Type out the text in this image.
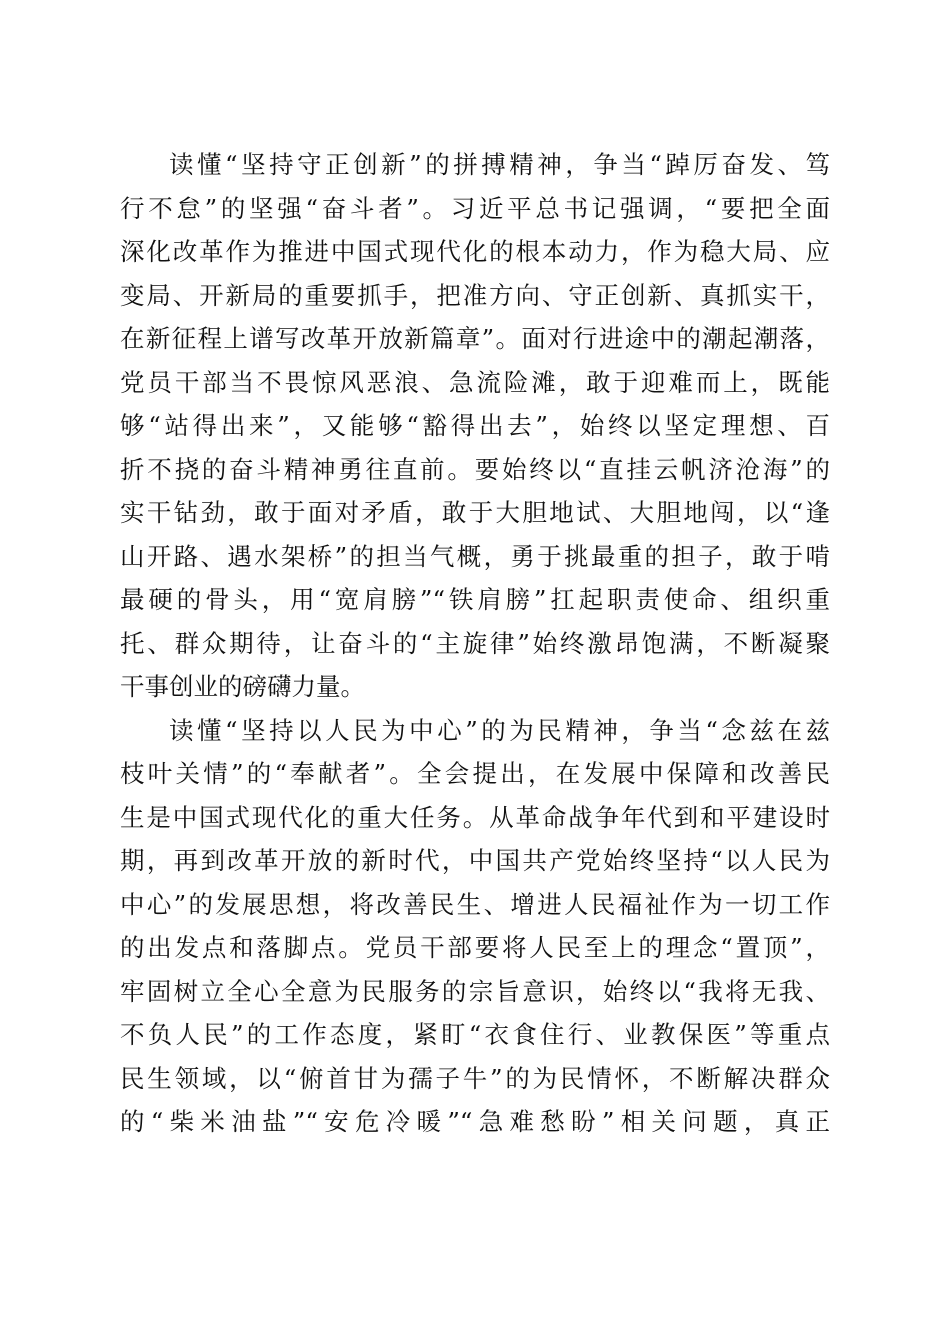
读懂“坚持守正创新”的拼搏精神，争当“踔厉奋发、笃
行不怠”的坚强“奋斗者”。习近平总书记强调，“要把全面
深化改革作为推进中国式现代化的根本动力，作为稳大局、应
变局、开新局的重要抓手，把准方向、守正创新、真抓实干，
在新征程上谱写改革开放新篇章”。面对行进途中的潮起潮落，
党员干部当不畏惊风恶浪、急流险滩，敢于迎难而上，既能
够“站得出来”，又能够“豁得出去”，始终以坚定理想、百
折不挠的奋斗精神勇往直前。要始终以“直挂云帆济沧海”的
实干钻劲，敢于面对矛盾，敢于大胆地试、大胆地闯，以“逢
山开路、遇水架桥”的担当气概，勇于挑最重的担子，敢于啃
最硬的骨头，用“宽肩膀”“铁肩膀”扛起职责使命、组织重
托、群众期待，让奋斗的“主旋律”始终激昂饱满，不断凝聚
干事创业的磅礴力量。
读懂“坚持以人民为中心”的为民精神，争当“念兹在兹
枝叶关情”的“奉献者”。全会提出，在发展中保障和改善民
生是中国式现代化的重大任务。从革命战争年代到和平建设时
期，再到改革开放的新时代，中国共产党始终坚持“以人民为
中心”的发展思想，将改善民生、增进人民福祉作为一切工作
的出发点和落脚点。党员干部要将人民至上的理念“置顶”，
牢固树立全心全意为民服务的宗旨意识，始终以“我将无我、
不负人民”的工作态度，紧盯“衣食住行、业教保医”等重点
民生领域，以“俯首甘为孺子牛”的为民情怀，不断解决群众
的“柴米油盐”“安危冷暖”“急难愁盼”相关问题，真正
